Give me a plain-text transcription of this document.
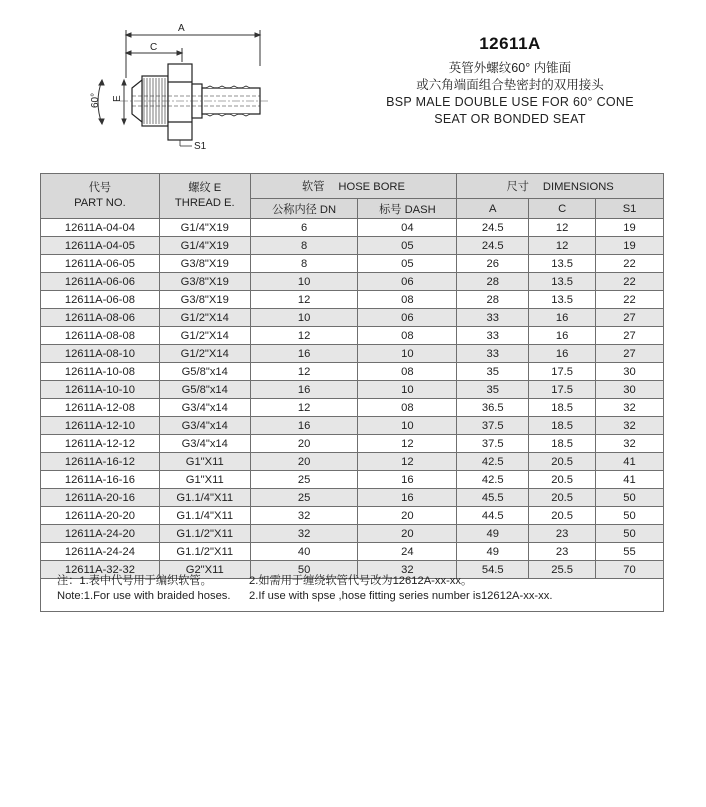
A
C
E
60°
S1
12611A
英管外螺纹60° 内锥面
或六角端面组合垫密封的双用接头
BSP MALE DOUBLE USE FOR 60° CONE
SEAT OR BONDED SEAT
代号
PART NO.	螺纹 E
THREAD E.	软管 HOSE BORE		尺寸 DIMENSIONS		
		公称内径 DN	标号 DASH	A	C	S1
12611A-04-04	G1/4"X19	6	04	24.5	12	19
12611A-04-05	G1/4"X19	8	05	24.5	12	19
12611A-06-05	G3/8"X19	8	05	26	13.5	22
12611A-06-06	G3/8"X19	10	06	28	13.5	22
12611A-06-08	G3/8"X19	12	08	28	13.5	22
12611A-08-06	G1/2"X14	10	06	33	16	27
12611A-08-08	G1/2"X14	12	08	33	16	27
12611A-08-10	G1/2"X14	16	10	33	16	27
12611A-10-08	G5/8"x14	12	08	35	17.5	30
12611A-10-10	G5/8"x14	16	10	35	17.5	30
12611A-12-08	G3/4"x14	12	08	36.5	18.5	32
12611A-12-10	G3/4"x14	16	10	37.5	18.5	32
12611A-12-12	G3/4"x14	20	12	37.5	18.5	32
12611A-16-12	G1"X11	20	12	42.5	20.5	41
12611A-16-16	G1"X11	25	16	42.5	20.5	41
12611A-20-16	G1.1/4"X11	25	16	45.5	20.5	50
12611A-20-20	G1.1/4"X11	32	20	44.5	20.5	50
12611A-24-20	G1.1/2"X11	32	20	49	23	50
12611A-24-24	G1.1/2"X11	40	24	49	23	55
12611A-32-32	G2"X11	50	32	54.5	25.5	70
注：1.表中代号用于编织软管。	2.如需用于缠绕软管代号改为12612A-xx-xx。
Note:1.For use with braided hoses.	2.If use with spse ,hose fitting series number is12612A-xx-xx.
